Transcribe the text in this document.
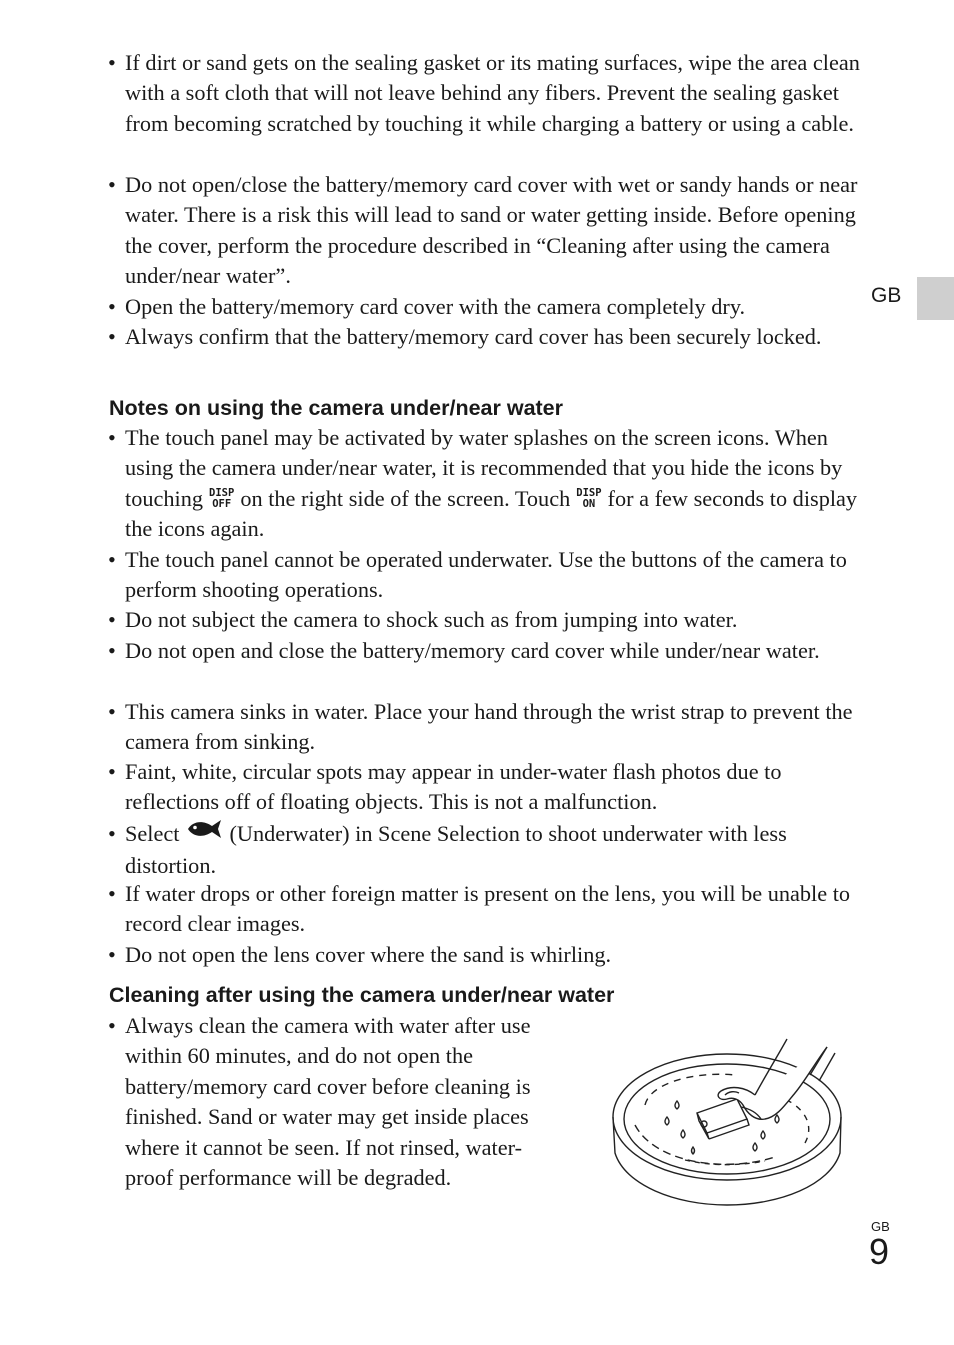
GB

• If dirt or sand gets on the sealing gasket or its mating surfaces, wipe the area clean with a soft cloth that will not leave behind any fibers. Prevent the sealing gasket from becoming scratched by touching it while charging a battery or using a cable.

• Do not open/close the battery/memory card cover with wet or sandy hands or near water. There is a risk this will lead to sand or water getting inside. Before opening the cover, perform the procedure described in “Cleaning after using the camera under/near water”.

• Open the battery/memory card cover with the camera completely dry.

• Always confirm that the battery/memory card cover has been securely locked.

Notes on using the camera under/near water

• The touch panel may be activated by water splashes on the screen icons. When using the camera under/near water, it is recommended that you hide the icons by touching DISP
OFF on the right side of the screen. Touch DISP
ON for a few seconds to display the icons again.

• The touch panel cannot be operated underwater. Use the buttons of the camera to perform shooting operations.

• Do not subject the camera to shock such as from jumping into water.

• Do not open and close the battery/memory card cover while under/near water.

• This camera sinks in water. Place your hand through the wrist strap to prevent the camera from sinking.

• Faint, white, circular spots may appear in under-water flash photos due to reflections off of floating objects. This is not a malfunction.

• Select (Underwater) in Scene Selection to shoot underwater with less distortion.

• If water drops or other foreign matter is present on the lens, you will be unable to record clear images.

• Do not open the lens cover where the sand is whirling.

Cleaning after using the camera under/near water

• Always clean the camera with water after use within 60 minutes, and do not open the battery/memory card cover before cleaning is finished. Sand or water may get inside places where it cannot be seen. If not rinsed, water-proof performance will be degraded.

GB
9
